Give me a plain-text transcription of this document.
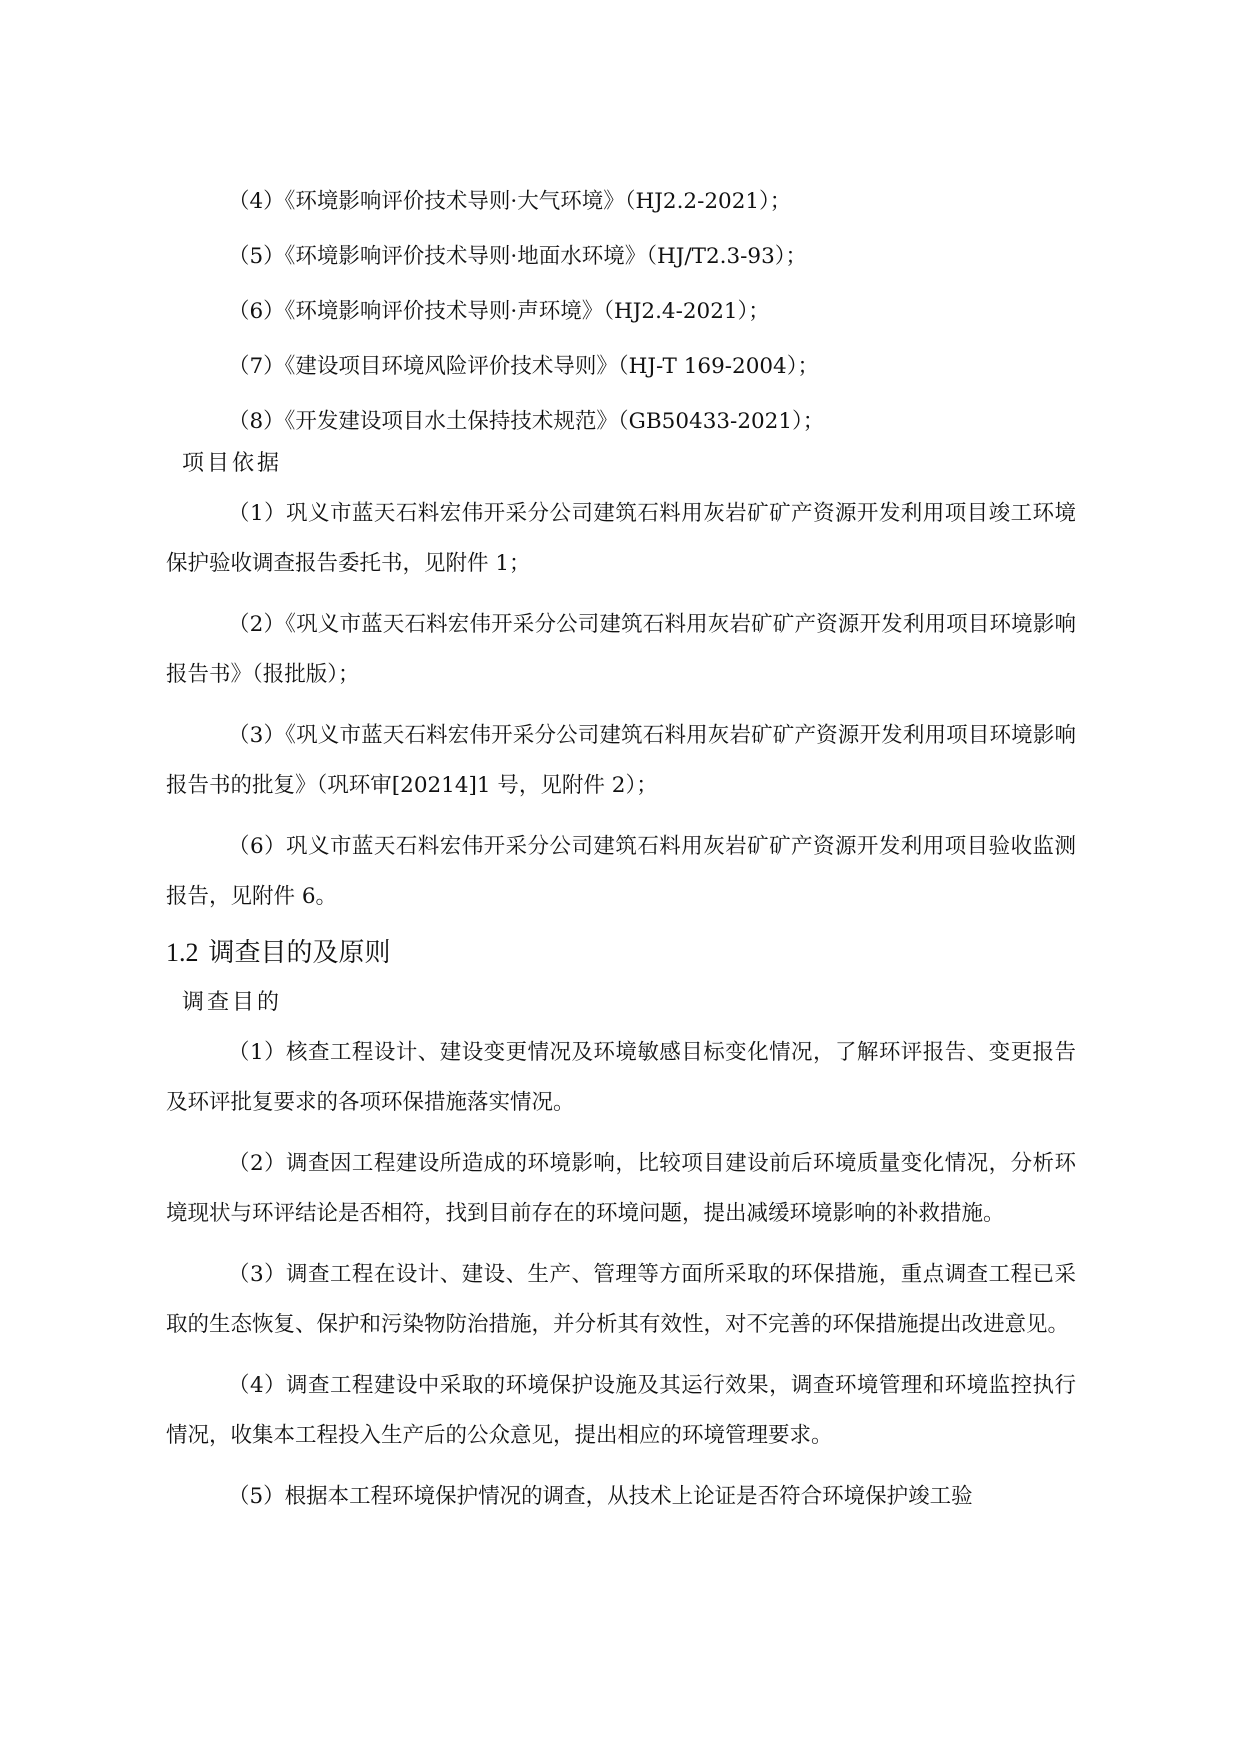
（4）《环境影响评价技术导则·大气环境》（HJ2.2-2021）；

（5）《环境影响评价技术导则·地面水环境》（HJ/T2.3-93）；

（6）《环境影响评价技术导则·声环境》（HJ2.4-2021）；

（7）《建设项目环境风险评价技术导则》（HJ-T 169-2004）；

（8）《开发建设项目水土保持技术规范》（GB50433-2021）；

项目依据

（1）巩义市蓝天石料宏伟开采分公司建筑石料用灰岩矿矿产资源开发利用项目竣工环境保护验收调查报告委托书，见附件 1；

（2）《巩义市蓝天石料宏伟开采分公司建筑石料用灰岩矿矿产资源开发利用项目环境影响报告书》（报批版）；

（3）《巩义市蓝天石料宏伟开采分公司建筑石料用灰岩矿矿产资源开发利用项目环境影响报告书的批复》（巩环审[20214]1 号，见附件 2）；

（6）巩义市蓝天石料宏伟开采分公司建筑石料用灰岩矿矿产资源开发利用项目验收监测报告，见附件 6。

1.2 调查目的及原则
调查目的

（1）核查工程设计、建设变更情况及环境敏感目标变化情况，了解环评报告、变更报告及环评批复要求的各项环保措施落实情况。

（2）调查因工程建设所造成的环境影响，比较项目建设前后环境质量变化情况，分析环境现状与环评结论是否相符，找到目前存在的环境问题，提出减缓环境影响的补救措施。

（3）调查工程在设计、建设、生产、管理等方面所采取的环保措施，重点调查工程已采取的生态恢复、保护和污染物防治措施，并分析其有效性，对不完善的环保措施提出改进意见。

（4）调查工程建设中采取的环境保护设施及其运行效果，调查环境管理和环境监控执行情况，收集本工程投入生产后的公众意见，提出相应的环境管理要求。

（5）根据本工程环境保护情况的调查，从技术上论证是否符合环境保护竣工验
